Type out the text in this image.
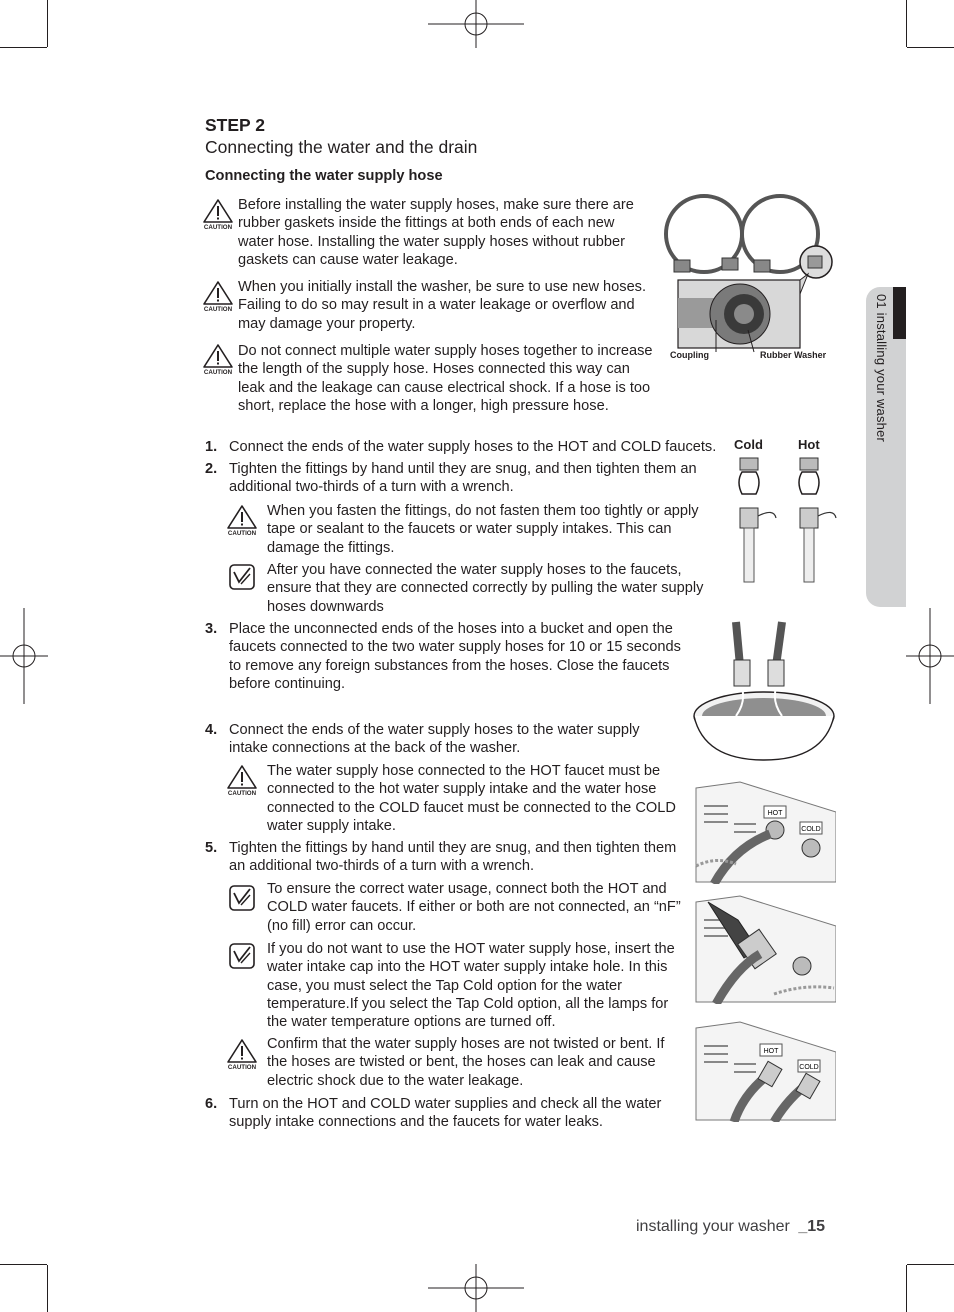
01 installing your washer
STEP 2
Connecting the water and the drain
Connecting the water supply hose
CAUTION
Before installing the water supply hoses, make sure there are rubber gaskets inside the fittings at both ends of each new water hose. Installing the water supply hoses without rubber gaskets can cause water leakage.
CAUTION
When you initially install the washer, be sure to use new hoses. Failing to do so may result in a water leakage or overflow and may damage your property.
CAUTION
Do not connect multiple water supply hoses together to increase the length of the supply hose. Hoses connected this way can leak and the leakage can cause electrical shock. If a hose is too short, replace the hose with a longer, high pressure hose.
Coupling	Rubber Washer
1. Connect the ends of the water supply hoses to the HOT and COLD faucets.	Cold	Hot
2. Tighten the fittings by hand until they are snug, and then tighten them an additional two-thirds of a turn with a wrench.
CAUTION
When you fasten the fittings, do not fasten them too tightly or apply tape or sealant to the faucets or water supply intakes. This can damage the fittings.
After you have connected the water supply hoses to the faucets, ensure that they are connected correctly by pulling the water supply hoses downwards
3. Place the unconnected ends of the hoses into a bucket and open the faucets connected to the two water supply hoses for 10 or 15 seconds to remove any foreign substances from the hoses. Close the faucets before continuing.
4. Connect the ends of the water supply hoses to the water supply intake connections at the back of the washer.
CAUTION
The water supply hose connected to the HOT faucet must be connected to the hot water supply intake and the water hose connected to the COLD faucet must be connected to the COLD water supply intake.
HOT
COLD
HOT
COLD
5. Tighten the fittings by hand until they are snug, and then tighten them an additional two-thirds of a turn with a wrench.
To ensure the correct water usage, connect both the HOT and COLD water faucets. If either or both are not connected, an “nF” (no fill) error can occur.
If you do not want to use the HOT water supply hose, insert the water intake cap into the HOT water supply intake hole. In this case, you must select the Tap Cold option for the water temperature.If you select the Tap Cold option, all the lamps for the water temperature options are turned off.
CAUTION
Confirm that the water supply hoses are not twisted or bent. If the hoses are twisted or bent, the hoses can leak and cause electric shock due to the water leakage.
6. Turn on the HOT and COLD water supplies and check all the water supply intake connections and the faucets for water leaks.
installing your washer _15
